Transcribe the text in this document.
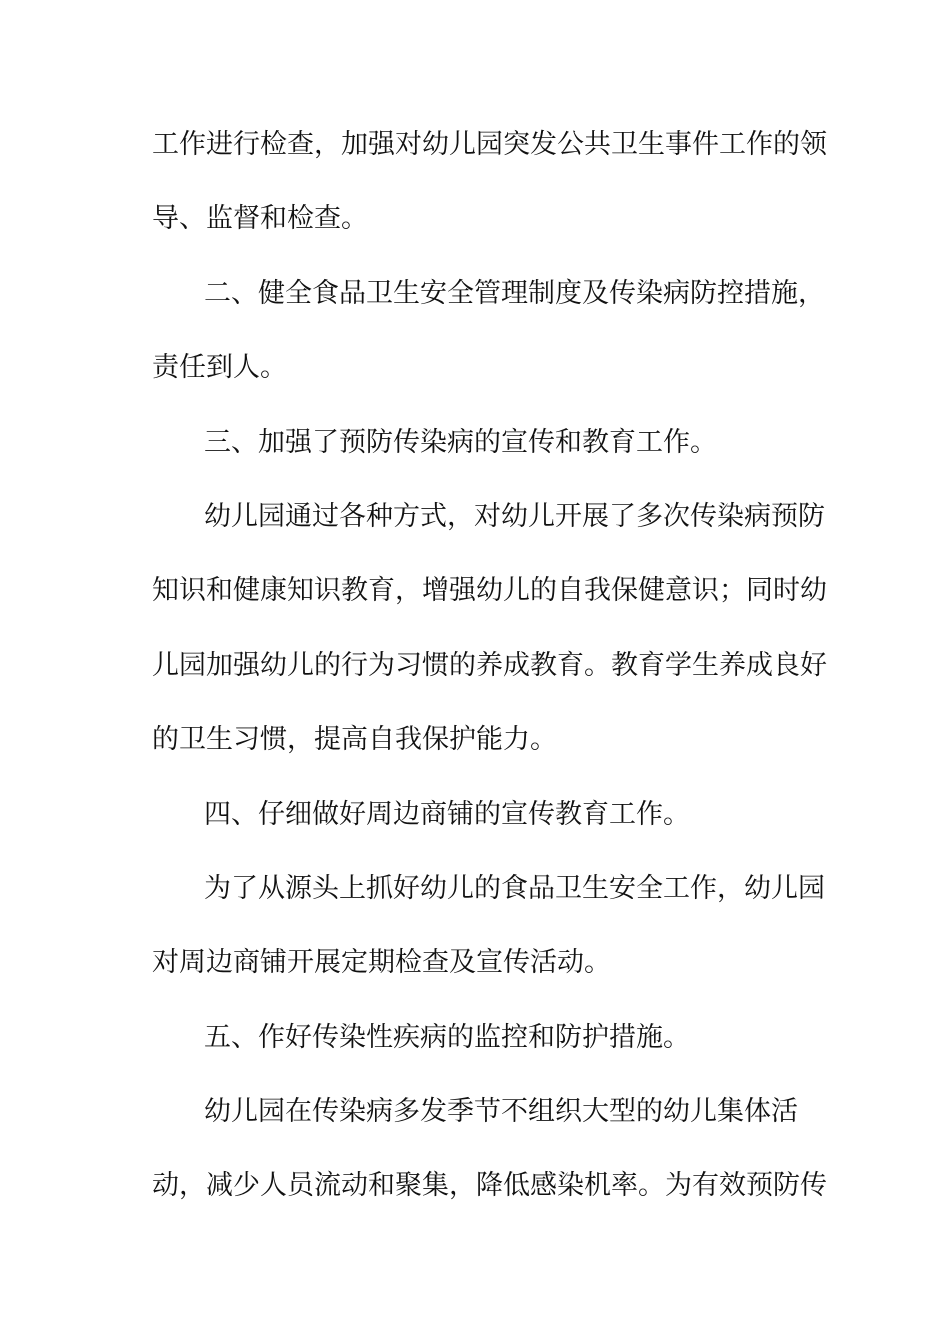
工作进行检查，加强对幼儿园突发公共卫生事件工作的领
导、监督和检查。
二、健全食品卫生安全管理制度及传染病防控措施，
责任到人。
三、加强了预防传染病的宣传和教育工作。
幼儿园通过各种方式，对幼儿开展了多次传染病预防
知识和健康知识教育，增强幼儿的自我保健意识；同时幼
儿园加强幼儿的行为习惯的养成教育。教育学生养成良好
的卫生习惯，提高自我保护能力。
四、仔细做好周边商铺的宣传教育工作。
为了从源头上抓好幼儿的食品卫生安全工作，幼儿园
对周边商铺开展定期检查及宣传活动。
五、作好传染性疾病的监控和防护措施。
幼儿园在传染病多发季节不组织大型的幼儿集体活
动，减少人员流动和聚集，降低感染机率。为有效预防传
